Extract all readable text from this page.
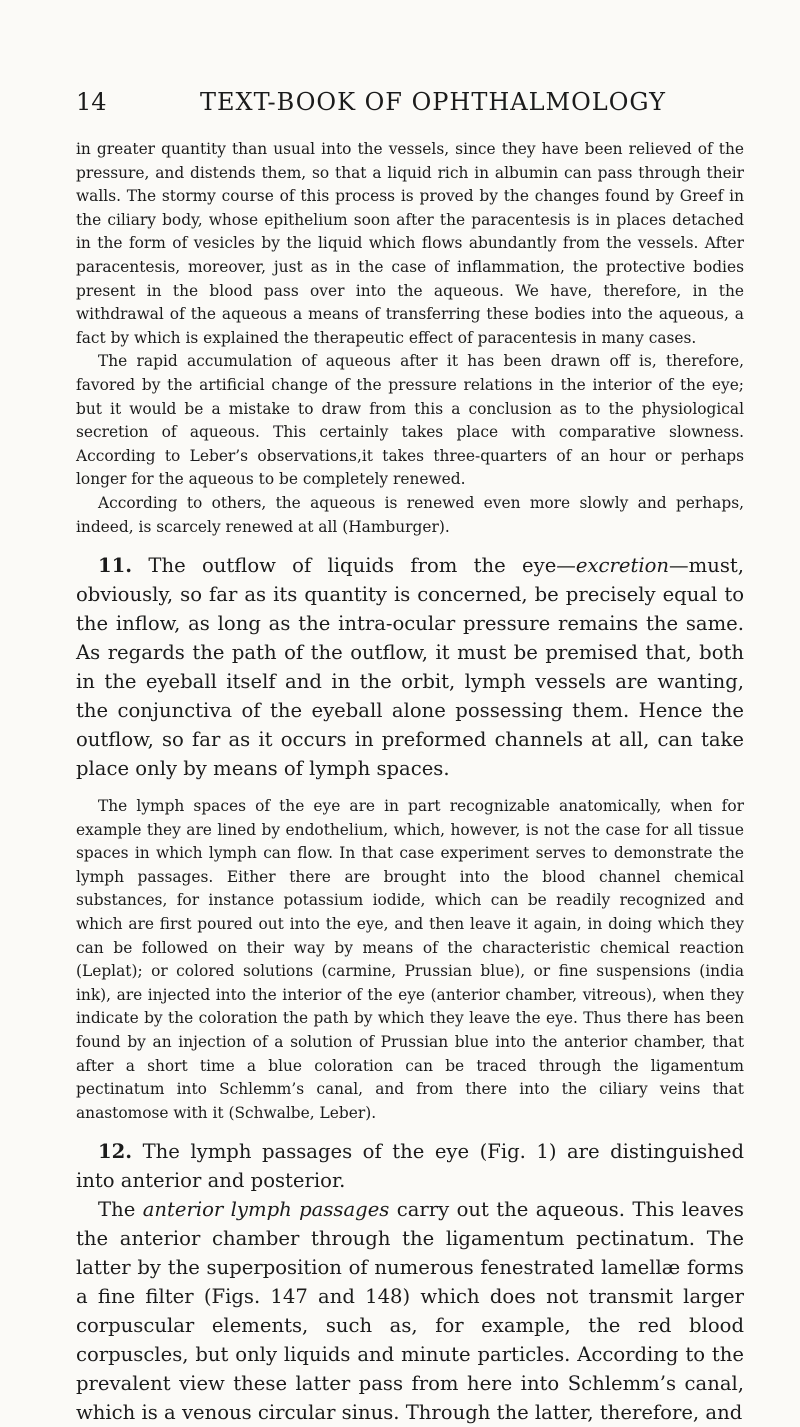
14	TEXT-BOOK OF OPHTHALMOLOGY

in greater quantity than usual into the vessels, since they have been relieved of the pressure, and distends them, so that a liquid rich in albumin can pass through their walls. The stormy course of this process is proved by the changes found by Greef in the ciliary body, whose epithelium soon after the paracentesis is in places detached in the form of vesicles by the liquid which flows abundantly from the vessels. After paracentesis, moreover, just as in the case of inflammation, the protective bodies present in the blood pass over into the aqueous. We have, therefore, in the withdrawal of the aqueous a means of transferring these bodies into the aqueous, a fact by which is explained the therapeutic effect of paracentesis in many cases.

The rapid accumulation of aqueous after it has been drawn off is, therefore, favored by the artificial change of the pressure relations in the interior of the eye; but it would be a mistake to draw from this a conclusion as to the physiological secretion of aqueous. This certainly takes place with comparative slowness. According to Leber’s observations,it takes three-quarters of an hour or perhaps longer for the aqueous to be completely renewed.

According to others, the aqueous is renewed even more slowly and perhaps, indeed, is scarcely renewed at all (Hamburger).

11. The outflow of liquids from the eye—excretion—must, obviously, so far as its quantity is concerned, be precisely equal to the inflow, as long as the intra-ocular pressure remains the same. As regards the path of the outflow, it must be premised that, both in the eyeball itself and in the orbit, lymph vessels are wanting, the conjunctiva of the eyeball alone possessing them. Hence the outflow, so far as it occurs in preformed channels at all, can take place only by means of lymph spaces.

The lymph spaces of the eye are in part recognizable anatomically, when for example they are lined by endothelium, which, however, is not the case for all tissue spaces in which lymph can flow. In that case experiment serves to demonstrate the lymph passages. Either there are brought into the blood channel chemical substances, for instance potassium iodide, which can be readily recognized and which are first poured out into the eye, and then leave it again, in doing which they can be followed on their way by means of the characteristic chemical reaction (Leplat); or colored solutions (carmine, Prussian blue), or fine suspensions (india ink), are injected into the interior of the eye (anterior chamber, vitreous), when they indicate by the coloration the path by which they leave the eye. Thus there has been found by an injection of a solution of Prussian blue into the anterior chamber, that after a short time a blue coloration can be traced through the ligamentum pectinatum into Schlemm’s canal, and from there into the ciliary veins that anastomose with it (Schwalbe, Leber).

12. The lymph passages of the eye (Fig. 1) are distinguished into anterior and posterior.

The anterior lymph passages carry out the aqueous. This leaves the anterior chamber through the ligamentum pectinatum. The latter by the superposition of numerous fenestrated lamellæ forms a fine filter (Figs. 147 and 148) which does not transmit larger corpuscular elements, such as, for example, the red blood corpuscles, but only liquids and minute particles. According to the prevalent view these latter pass from here into Schlemm’s canal, which is a venous circular sinus. Through the latter, therefore, and
